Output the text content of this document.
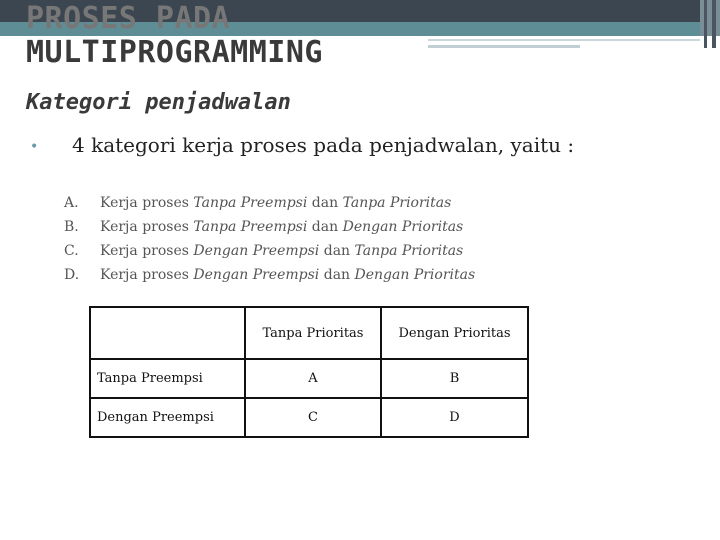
PROSES PADA
MULTIPROGRAMMING
Kategori penjadwalan
• 4 kategori kerja proses pada penjadwalan, yaitu :
A.	Kerja proses Tanpa Preempsi dan Tanpa Prioritas
B.	Kerja proses Tanpa Preempsi dan Dengan Prioritas
C.	Kerja proses Dengan Preempsi dan Tanpa Prioritas
D.	Kerja proses Dengan Preempsi dan Dengan Prioritas
	Tanpa Prioritas	Dengan Prioritas
Tanpa Preempsi	A	B
Dengan Preempsi	C	D
